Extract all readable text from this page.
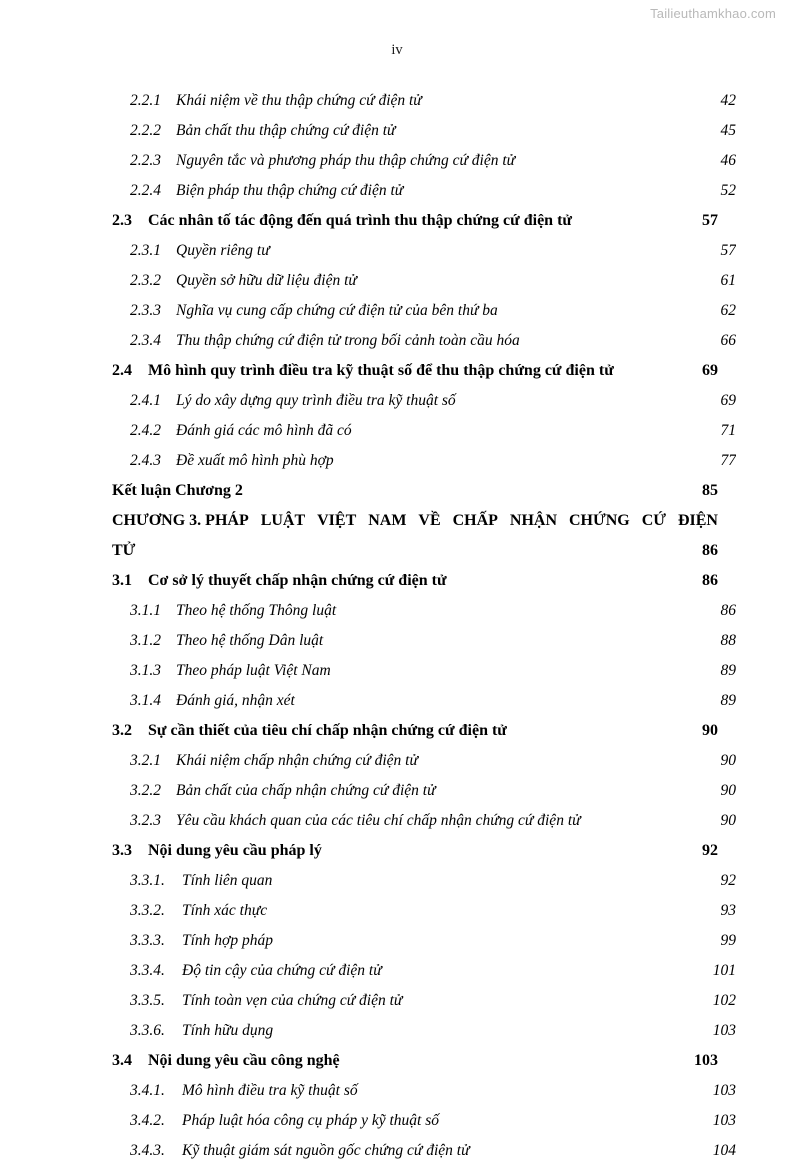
Tailieuthamkhao.com
iv
2.2.1 Khái niệm về thu thập chứng cứ điện tử .....	42
2.2.2 Bản chất thu thập chứng cứ điện tử .....	45
2.2.3 Nguyên tắc và phương pháp thu thập chứng cứ điện tử .....	46
2.2.4 Biện pháp thu thập chứng cứ điện tử .....	52
2.3	Các nhân tố tác động đến quá trình thu thập chứng cứ điện tử .....	57
2.3.1 Quyền riêng tư .....	57
2.3.2 Quyền sở hữu dữ liệu điện tử .....	61
2.3.3 Nghĩa vụ cung cấp chứng cứ điện tử của bên thứ ba .....	62
2.3.4 Thu thập chứng cứ điện tử trong bối cảnh toàn cầu hóa .....	66
2.4	Mô hình quy trình điều tra kỹ thuật số để thu thập chứng cứ điện tử .....	69
2.4.1 Lý do xây dựng quy trình điều tra kỹ thuật số .....	69
2.4.2 Đánh giá các mô hình đã có .....	71
2.4.3 Đề xuất mô hình phù hợp .....	77
Kết luận Chương 2 .....	85
CHƯƠNG 3. PHÁP LUẬT VIỆT NAM VỀ CHẤP NHẬN CHỨNG CỨ ĐIỆN
TỬ .....	86
3.1	Cơ sở lý thuyết chấp nhận chứng cứ điện tử .....	86
3.1.1 Theo hệ thống Thông luật .....	86
3.1.2 Theo hệ thống Dân luật .....	88
3.1.3 Theo pháp luật Việt Nam .....	89
3.1.4 Đánh giá, nhận xét .....	89
3.2	Sự cần thiết của tiêu chí chấp nhận chứng cứ điện tử .....	90
3.2.1 Khái niệm chấp nhận chứng cứ điện tử .....	90
3.2.2 Bản chất của chấp nhận chứng cứ điện tử .....	90
3.2.3 Yêu cầu khách quan của các tiêu chí chấp nhận chứng cứ điện tử .....	90
3.3	Nội dung yêu cầu pháp lý .....	92
3.3.1.	Tính liên quan .....	92
3.3.2.	Tính xác thực .....	93
3.3.3.	Tính hợp pháp .....	99
3.3.4.	Độ tin cậy của chứng cứ điện tử .....	101
3.3.5.	Tính toàn vẹn của chứng cứ điện tử .....	102
3.3.6.	Tính hữu dụng .....	103
3.4	Nội dung yêu cầu công nghệ .....	103
3.4.1.	Mô hình điều tra kỹ thuật số .....	103
3.4.2.	Pháp luật hóa công cụ pháp y kỹ thuật số .....	103
3.4.3.	Kỹ thuật giám sát nguồn gốc chứng cứ điện tử .....	104
